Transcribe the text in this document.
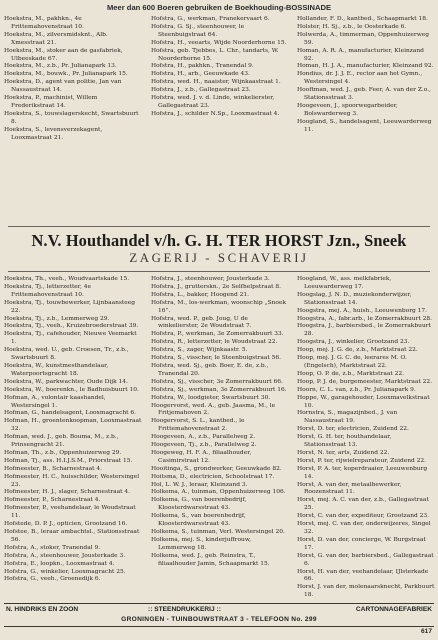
Meer dan 600 Boeren gebruiken de Boekhouding-BOSSINADE

Hoekstra, M., pakhkn., 4e Frittemahovenstraat 10.

Hoekstra, M., zilversmidsknt., Alb. Xmesstraat 21.

Hoekstra, M., stoker aan de gasfabriek, Ulbeeskade 67.

Hoekstra, M., z.b., Pr. Julianapark 13.

Hoekstra, M., bouwk., Pr. Julianapark 15.

Hoekstra, D., agent van politie, Jan van Nassaustraat 14.

Hoekstra, P., machinist, Willem Frederikstraat 14.

Hoekstra, S., touwslagerskecht, Swartsbuurt 8.

Hoekstra, S., levensverzekagent, Looxmastraat 21.

Hofstra, G., werkman, Franekervaart 6.

Hofstra, G. Sj., steenhouwer, le Steenbuigstraat 64.

Hofstra, H., veearts, Wijde Noorderhorne 15.

Hofstra, geb. Tjebbes, L. Chr., tandarts, W. Noorderhorne 15.

Hofstra, H., pakhkn., Tranendal 9.

Hofstra, H., arb., Geeuwkade 43.

Hofstra, wed. H., naaister, Wijnkaastraat 1.

Hofstra, J., z.b., Gallegastraat 23.

Hofstra, wed. J. v. d. Linde, winkelierster, Gallegastraat 23.

Hofstra, J., schilder N.Sp., Looxmastraat 4.

Hollander, F. D., kantbed., Schaapmarkt 18.

Holster, H. Sj., z.b., le Oosterkade 6.

Holwerda, A., timmerman, Oppenhuizerweg 59.

Homan, A. R. A., manufacturier, Kleinzand 92.

Homan, H. J. A., manufacturier, Kleinzand 92.

Hondius, dr. J. J. E., rector aan het Gymn., Westersingel 4.

Hooftman, wed. J., geb. Feer, A. van der Z.o., Stationsstraat 3.

Hoogeveen, J., spoorwegarbeider, Bolswarderweg 3.

Hoogland, S., handelsagent, Leeuwarderweg 11.

N.V. Houthandel v/h. G. H. TER HORST Jzn., Sneek
ZAGERIJ - SCHAVERIJ

Hoekstra, Th., veeh., Woudvaartskade 15.

Hoekstra, Tj., letterzetter, 4e Frittemahovenstraat 10.

Hoekstra, Tj., touwbewerker, Lijnbaansteeg 22.

Hoekstra, Tj., z.b., Lemmerweg 29.

Hoekstra, Tj., veeh., Kruizebroederstraat 39.

Hoekstra, Tj., cafehouder, Nieuwe Veemarkt 1.

Hoekstra, wed. U., geb. Croesen, Tr., z.b., Swartsbuurt 8.

Hoekstra, W., kunstmesthandelaar, Waterpoortsgracht 18.

Hoekstra, W., parkwachter, Oude Dijk 14.

Hoekstra, W., boerenkn., le Badhuisbuurt 10.

Hofman, A., volontair kaashandel, Westersingel 1.

Hofman, G., handelsagent, Looxmagracht 6.

Hofman, H., groentenkoopman, Looxmastraat 32.

Hofman, wed. J., geb. Bouma, M., z.b., Prinsengracht 21.

Hofman, Th., z.b., Oppenhuizerweg 29.

Hofman, Tj., ass. H.I.J.S.M., Priorstraat 15.

Hofmeester, B., Scharnestraat 4.

Hofmeester, H. C., huisschilder, Westersingel 23.

Hofmeester, H. J., slager, Scharnestraat 4.

Hofmeester, P., Scharnestraat 4.

Hofmeester, P., veehandelaar, le Woudstraat 11.

Hofstede, D. P. J., opticien, Grootzand 16.

Hofstee, B., leraar ambachtsl., Stationsstraat 56.

Hofstra, A., stoker, Tranendal 9.

Hofstra, A., steenhouwer, Jousterkade 3.

Hofstra, E., loopkn., Looxmastraat 4.

Hofstra, G., winkelier, Looxmagracht 25.

Hofstra, G., veeh., Groenedijk 6.

Hofstra, J., steenhouwer, Jousterkade 3.

Hofstra, J., grutterskn., 2e Selfhelpstraat 8.

Hofstra, L., bakker, Hoogend 21.

Hofstra, M., los-werkman, woonschip „Snoek 16”.

Hofstra, wed. P., geb. Joug, U de winkelierster, 2e Woudstraat 7.

Hofstra, P., werkman, 3e Zomerrakbuurt 33.

Hofstra, R., letterzetter, le Woudstraat 22.

Hofstra, S., zager, Wijnkaastr. 5.

Hofstra, S., visscher, le Steenbuigstraat 56.

Hofstra, wed. Sj., geb. Boer, E. de, z.b., Tranendal 20.

Hofstra, Sj., visscher, 3e Zomerrakbuurt 66.

Hofstra, Sj., werkman, 3e Zomerrakbuurt 16.

Hofstra, W., loodgieter, Swartsbuurt 30.

Hoogervorst, wed. A., geb. Jaasma, M., le Fritjemahoven 2.

Hoogervorst, S. L., kantbed., le Frittemahovenstraat 2.

Hoogeveen, A., z.b., Parallelweg 2.

Hoogeveen, Tj., z.b., Parallelweg 2.

Hoogeweg, H. F. A., filiaalhouder, Casimirstraat 12.

Hooitinga, S., grondwerker, Geeuwkade 82.

Hoitsma, D., electricien, Schoolstraat 17.

Hol, L. W. J., leraar, Kleinzand 3.

Holkema, A., tuinman, Oppenhuizerweg 106.

Holkema, G., van boerenbedrijf, Kloosterdwarsstraat 43.

Holkema, S., van boerenbedrijf, Kloosterdwarsstraat 43.

Holkema, S., tuinman, Verl. Westersingel 20.

Holkema, mej. S., kinderjuffrouw, Lemmerweg 18.

Holkema, wed. J., geb. Reinstra, T., filiaalhouder Jamin, Schaapmarkt 15.

Hoogland, W., ass. melkfabriek, Leeuwarderweg 17.

Hoogslag, J. N. D., muziekonderwijzer, Stationsstraat 14.

Hoogstra, mej. A., huish., Leeuwenborg 17.

Hoogstra, A., fabr.arb., le Zomerrakbuurt 28.

Hoogstra, J., barbiersbed., le Zomerrakbuurt 28.

Hoogstra, J., winkelier, Grootzand 23.

Hoop, mej. J. G. de, z.b., Marktstraat 22.

Hoop, mej. J. G. C. de, leerares M. O. (Engelsch), Marktstraat 22.

Hoop, O. P. de, z.b., Marktstraat 22.

Hoop, P. J. de, burgemeester, Marktstraat 22.

Hoorn, C. L. van, z.b., Pr. Julianapark 9.

Hoppe, W., garagehouder, Looxmavelkstraat 10.

Hornstra, S., magazijnbed., J. van Nassaustraat 19.

Horst, D. ter, electricien, Zuidend 22.

Horst, G. H. ter, houthandelaar, Stationsstraat 13.

Horst, N. ter, arts, Zuidend 22.

Horst, P. ter, rijwielreparateur, Zuidend 22.

Horst, P. A. ter, koperdraaier, Leeuwenburg 14.

Horst, A. van der, metaalbewerker, Roozenstraat 11.

Horst, mej. A. C. van der, z.b., Gallegastraat 25.

Horst, C. van der, expediteur, Grootzand 23.

Horst, mej. C. van der, onderwijzeres, Singel 32.

Horst, D. van der, concierge, W. Burgstraat 17.

Horst, G. van der, barbiersbed., Gallegastraat 6.

Horst, H. van der, veehandelaar, IJlsterkade 66.

Horst, J. van der, molenaarsknecht, Parkbuurt 18.

N. HINDRIKS EN ZOON	:: STEENDRUKKERIJ ::	CARTONNAGEFABRIEK
GRONINGEN - TUINBOUWSTRAAT 3 - TELEFOON No. 299
617
